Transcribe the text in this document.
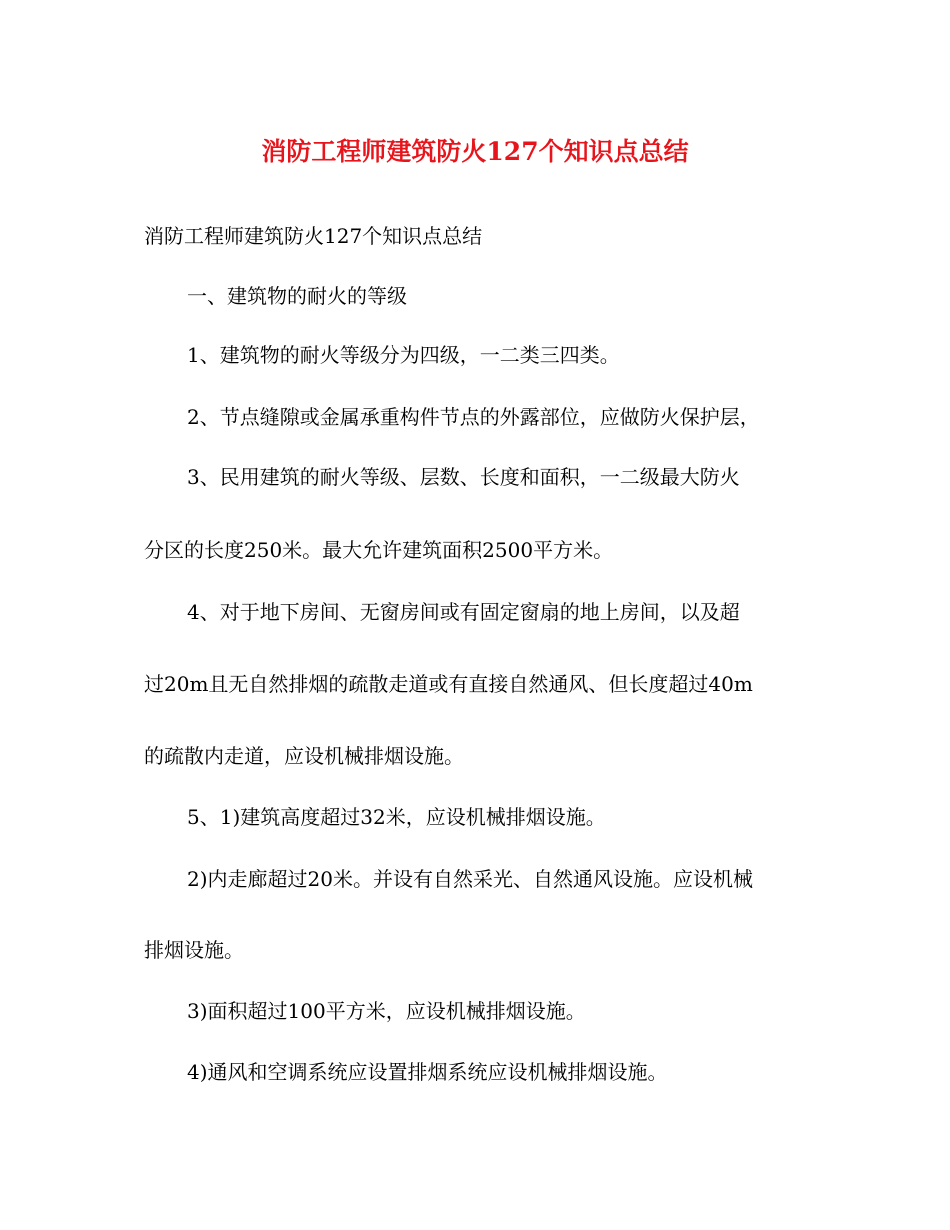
消防工程师建筑防火127个知识点总结
消防工程师建筑防火127个知识点总结
一、建筑物的耐火的等级
1、建筑物的耐火等级分为四级，一二类三四类。
2、节点缝隙或金属承重构件节点的外露部位，应做防火保护层，
3、民用建筑的耐火等级、层数、长度和面积，一二级最大防火
分区的长度250米。最大允许建筑面积2500平方米。
4、对于地下房间、无窗房间或有固定窗扇的地上房间，以及超
过20m且无自然排烟的疏散走道或有直接自然通风、但长度超过40m
的疏散内走道，应设机械排烟设施。
5、1)建筑高度超过32米，应设机械排烟设施。
2)内走廊超过20米。并设有自然采光、自然通风设施。应设机械
排烟设施。
3)面积超过100平方米，应设机械排烟设施。
4)通风和空调系统应设置排烟系统应设机械排烟设施。
